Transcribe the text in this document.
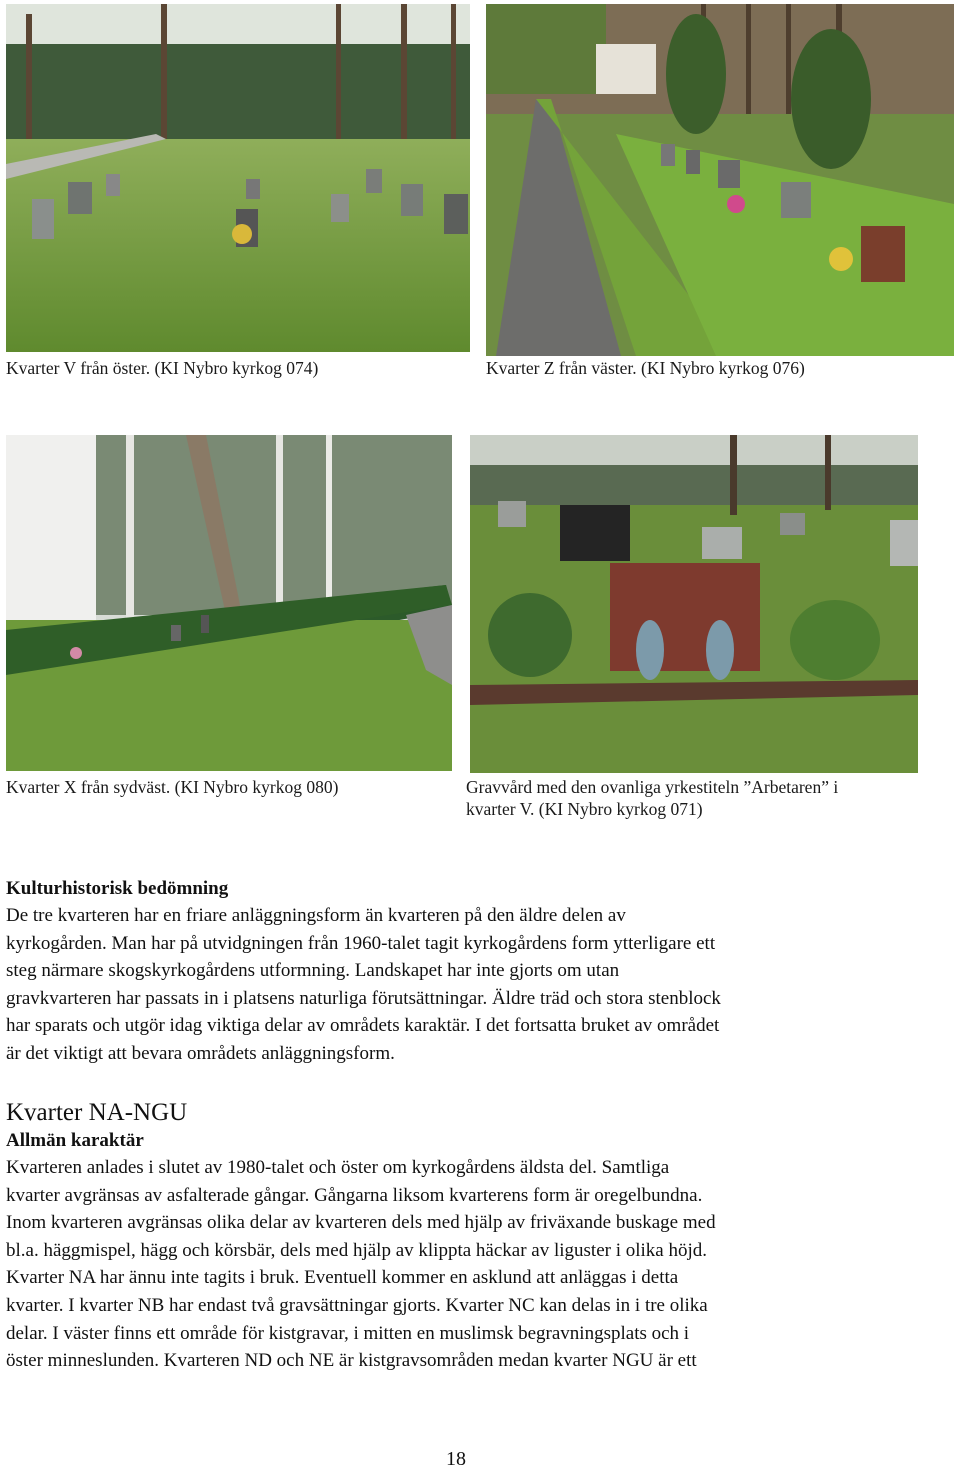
Kvarter V från öster. (KI Nybro kyrkog 074)	Kvarter Z från väster. (KI Nybro kyrkog 076)
Kvarter X från sydväst. (KI Nybro kyrkog 080)	Gravvård med den ovanliga yrkestiteln ”Arbetaren” i
kvarter V. (KI Nybro kyrkog 071)
Kulturhistorisk bedömning

De tre kvarteren har en friare anläggningsform än kvarteren på den äldre delen av
kyrkogården. Man har på utvidgningen från 1960-talet tagit kyrkogårdens form ytterligare ett
steg närmare skogskyrkogårdens utformning. Landskapet har inte gjorts om utan
gravkvarteren har passats in i platsens naturliga förutsättningar. Äldre träd och stora stenblock
har sparats och utgör idag viktiga delar av områdets karaktär. I det fortsatta bruket av området
är det viktigt att bevara områdets anläggningsform.

Kvarter NA-NGU
Allmän karaktär

Kvarteren anlades i slutet av 1980-talet och öster om kyrkogårdens äldsta del. Samtliga
kvarter avgränsas av asfalterade gångar. Gångarna liksom kvarterens form är oregelbundna.
Inom kvarteren avgränsas olika delar av kvarteren dels med hjälp av friväxande buskage med
bl.a. häggmispel, hägg och körsbär, dels med hjälp av klippta häckar av liguster i olika höjd.
Kvarter NA har ännu inte tagits i bruk. Eventuell kommer en asklund att anläggas i detta
kvarter. I kvarter NB har endast två gravsättningar gjorts. Kvarter NC kan delas in i tre olika
delar. I väster finns ett område för kistgravar, i mitten en muslimsk begravningsplats och i
öster minneslunden. Kvarteren ND och NE är kistgravsområden medan kvarter NGU är ett

18
